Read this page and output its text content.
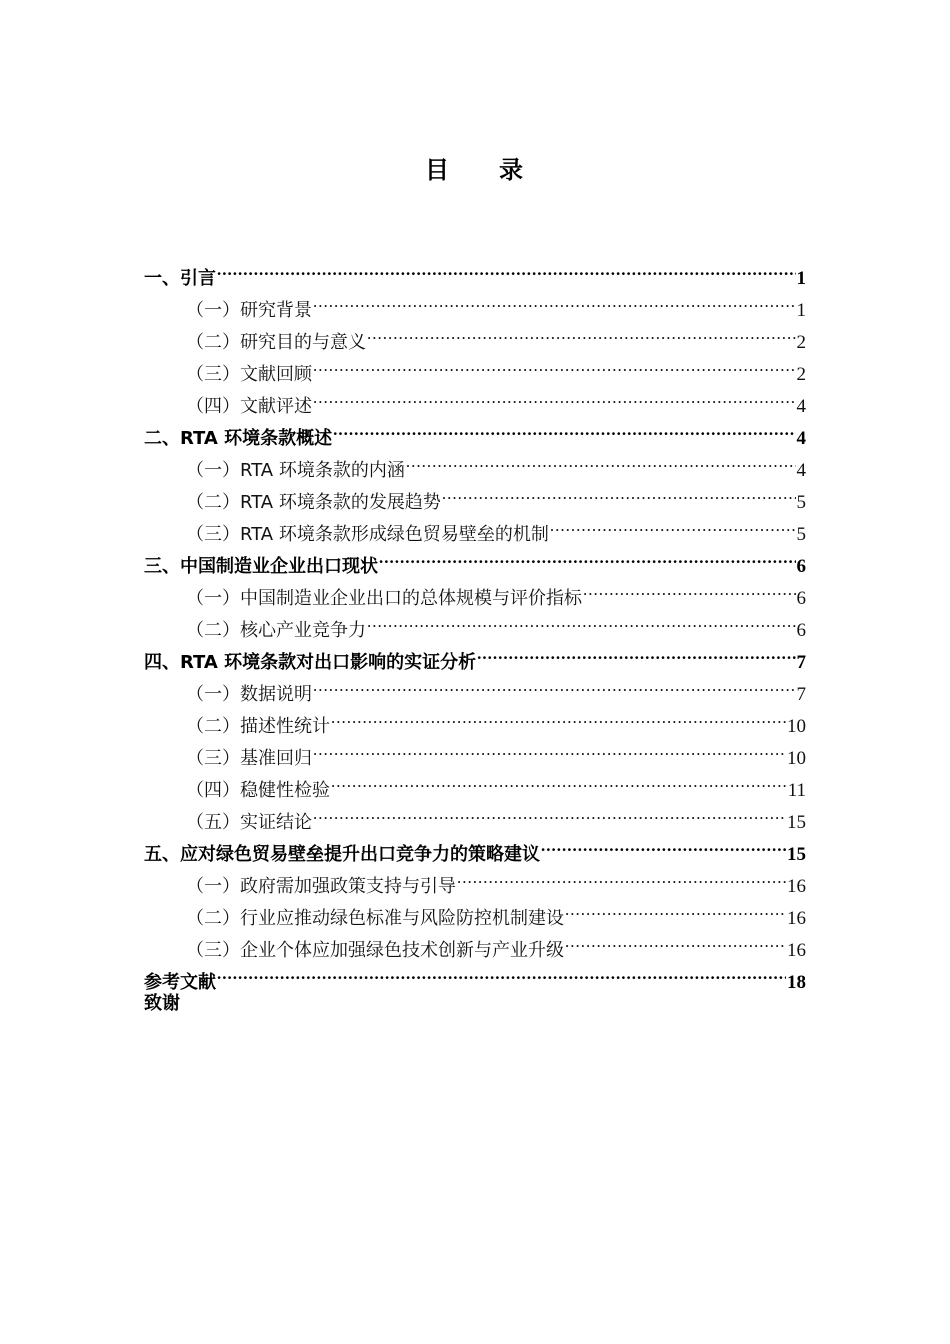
目 录
一、引言 .....	1
（一）研究背景 .....	1
（二）研究目的与意义 .....	2
（三）文献回顾 .....	2
（四）文献评述 .....	4
二、RTA 环境条款概述 .....	4
（一）RTA 环境条款的内涵 .....	4
（二）RTA 环境条款的发展趋势 .....	5
（三）RTA 环境条款形成绿色贸易壁垒的机制 .....	5
三、中国制造业企业出口现状 .....	6
（一）中国制造业企业出口的总体规模与评价指标 .....	6
（二）核心产业竞争力 .....	6
四、RTA 环境条款对出口影响的实证分析 .....	7
（一）数据说明 .....	7
（二）描述性统计 .....	10
（三）基准回归 .....	10
（四）稳健性检验 .....	11
（五）实证结论 .....	15
五、应对绿色贸易壁垒提升出口竞争力的策略建议 .....	15
（一）政府需加强政策支持与引导 .....	16
（二）行业应推动绿色标准与风险防控机制建设 .....	16
（三）企业个体应加强绿色技术创新与产业升级 .....	16
参考文献 .....	18
致谢
